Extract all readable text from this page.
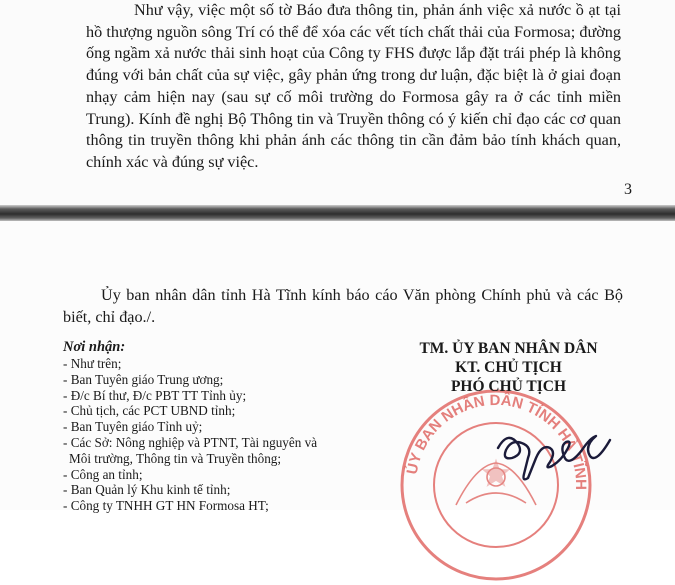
Như vậy, việc một số tờ Báo đưa thông tin, phản ánh việc xả nước ồ ạt tại hồ thượng nguồn sông Trí có thể để xóa các vết tích chất thải của Formosa; đường ống ngầm xả nước thải sinh hoạt của Công ty FHS được lắp đặt trái phép là không đúng với bản chất của sự việc, gây phản ứng trong dư luận, đặc biệt là ở giai đoạn nhạy cảm hiện nay (sau sự cố môi trường do Formosa gây ra ở các tỉnh miền Trung). Kính đề nghị Bộ Thông tin và Truyền thông có ý kiến chỉ đạo các cơ quan thông tin truyền thông khi phản ánh các thông tin cần đảm bảo tính khách quan, chính xác và đúng sự việc.

3

Ủy ban nhân dân tỉnh Hà Tĩnh kính báo cáo Văn phòng Chính phủ và các Bộ biết, chỉ đạo./.

Nơi nhận:
- Như trên;
- Ban Tuyên giáo Trung ương;
- Đ/c Bí thư, Đ/c PBT TT Tỉnh ủy;
- Chủ tịch, các PCT UBND tỉnh;
- Ban Tuyên giáo Tỉnh uỷ;
- Các Sở: Nông nghiệp và PTNT, Tài nguyên và
Môi trường, Thông tin và Truyền thông;
- Công an tỉnh;
- Ban Quản lý Khu kinh tế tỉnh;
- Công ty TNHH GT HN Formosa HT;
ỦY BAN NHÂN DÂN TỈNH HÀ TĨNH
TM. ỦY BAN NHÂN DÂN
KT. CHỦ TỊCH
PHÓ CHỦ TỊCH
